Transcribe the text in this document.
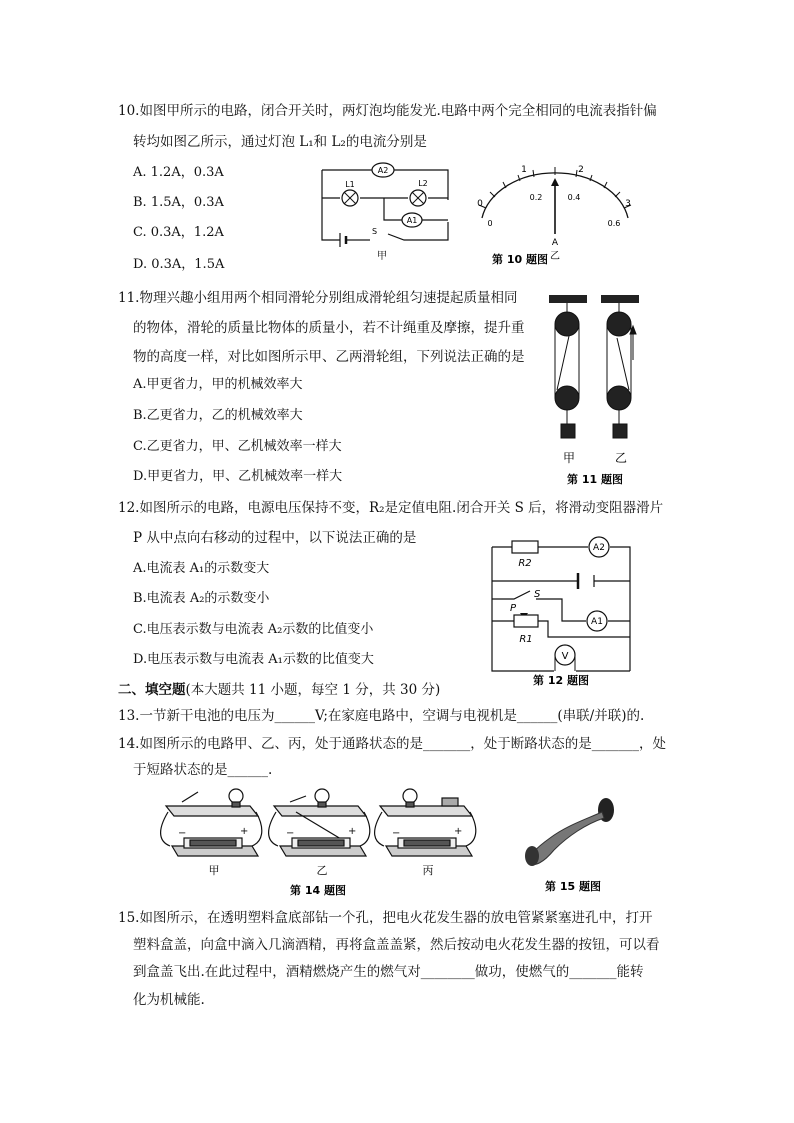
10.如图甲所示的电路，闭合开关时，两灯泡均能发光.电路中两个完全相同的电流表指针偏
转均如图乙所示，通过灯泡 L₁和 L₂的电流分别是
A. 1.2A，0.3A
B. 1.5A，0.3A
C. 0.3A，1.2A
D. 0.3A，1.5A
A2
L1	L2
A1
S
甲
0
1	2
3
0
0.2	0.4
0.6
A
乙
第 10 题图
11.物理兴趣小组用两个相同滑轮分别组成滑轮组匀速提起质量相同
的物体，滑轮的质量比物体的质量小，若不计绳重及摩擦，提升重
物的高度一样，对比如图所示甲、乙两滑轮组，下列说法正确的是
A.甲更省力，甲的机械效率大
B.乙更省力，乙的机械效率大
C.乙更省力，甲、乙机械效率一样大
D.甲更省力，甲、乙机械效率一样大
甲	乙
第 11 题图
12.如图所示的电路，电源电压保持不变，R₂是定值电阻.闭合开关 S 后，将滑动变阻器滑片
P 从中点向右移动的过程中，以下说法正确的是
A.电流表 A₁的示数变大
B.电流表 A₂的示数变小
C.电压表示数与电流表 A₂示数的比值变小
D.电压表示数与电流表 A₁示数的比值变大
R2
A2
S
P
R1
A1
V
第 12 题图
二、填空题(本大题共 11 小题，每空 1 分，共 30 分)
13.一节新干电池的电压为______V;在家庭电路中，空调与电视机是______(串联/并联)的.
14.如图所示的电路甲、乙、丙，处于通路状态的是_______，处于断路状态的是_______，处
于短路状态的是______.
−	+	−	+	−	+
甲	乙	丙
第 14 题图	第 15 题图
15.如图所示，在透明塑料盒底部钻一个孔，把电火花发生器的放电管紧紧塞进孔中，打开
塑料盒盖，向盒中滴入几滴酒精，再将盒盖盖紧，然后按动电火花发生器的按钮，可以看
到盒盖飞出.在此过程中，酒精燃烧产生的燃气对________做功，使燃气的_______能转
化为机械能.
